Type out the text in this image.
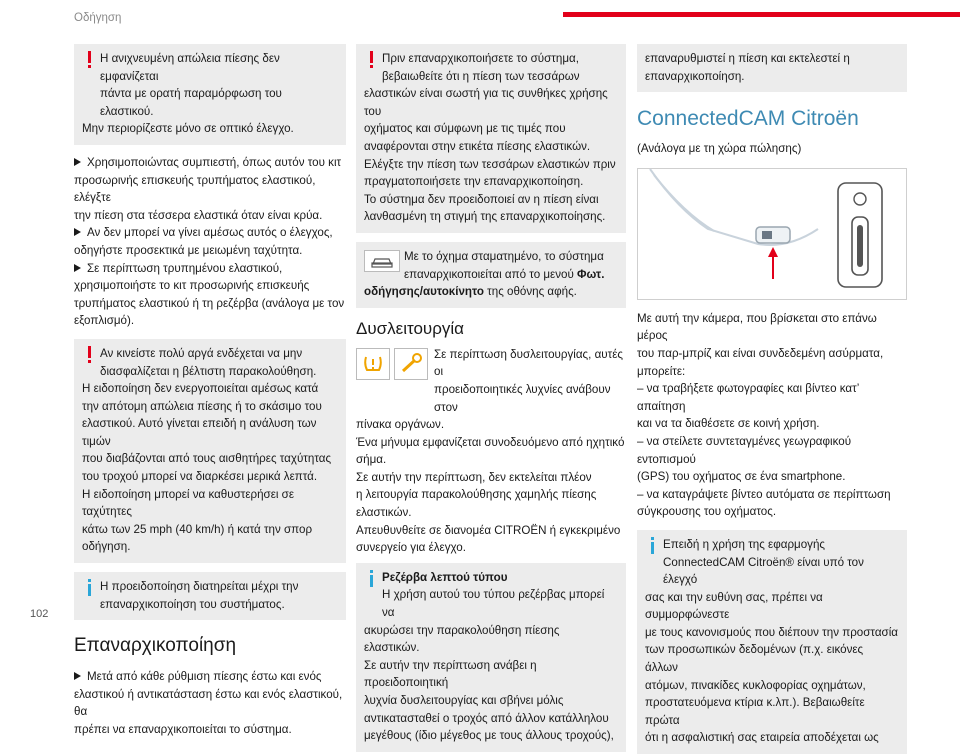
Οδήγηση
102

Η ανιχνευμένη απώλεια πίεσης δεν εμφανίζεται

πάντα με ορατή παραμόρφωση του ελαστικού.

Μην περιορίζεστε μόνο σε οπτικό έλεγχο.

Χρησιμοποιώντας συμπιεστή, όπως αυτόν του κιτ

προσωρινής επισκευής τρυπήματος ελαστικού, ελέγξτε

την πίεση στα τέσσερα ελαστικά όταν είναι κρύα.

Αν δεν μπορεί να γίνει αμέσως αυτός ο έλεγχος,

οδηγήστε προσεκτικά με μειωμένη ταχύτητα.

Σε περίπτωση τρυπημένου ελαστικού,

χρησιμοποιήστε το κιτ προσωρινής επισκευής

τρυπήματος ελαστικού ή τη ρεζέρβα (ανάλογα με τον

εξοπλισμό).

Αν κινείστε πολύ αργά ενδέχεται να μην

διασφαλίζεται η βέλτιστη παρακολούθηση.

Η ειδοποίηση δεν ενεργοποιείται αμέσως κατά

την απότομη απώλεια πίεσης ή το σκάσιμο του

ελαστικού. Αυτό γίνεται επειδή η ανάλυση των τιμών

που διαβάζονται από τους αισθητήρες ταχύτητας

του τροχού μπορεί να διαρκέσει μερικά λεπτά.

Η ειδοποίηση μπορεί να καθυστερήσει σε ταχύτητες

κάτω των 25 mph (40 km/h) ή κατά την σπορ

οδήγηση.

Η προειδοποίηση διατηρείται μέχρι την

επαναρχικοποίηση του συστήματος.

Επαναρχικοποίηση

Μετά από κάθε ρύθμιση πίεσης έστω και ενός

ελαστικού ή αντικατάσταση έστω και ενός ελαστικού, θα

πρέπει να επαναρχικοποιείται το σύστημα.

Πριν επαναρχικοποιήσετε το σύστημα,

βεβαιωθείτε ότι η πίεση των τεσσάρων

ελαστικών είναι σωστή για τις συνθήκες χρήσης του

οχήματος και σύμφωνη με τις τιμές που

αναφέρονται στην ετικέτα πίεσης ελαστικών.

Ελέγξτε την πίεση των τεσσάρων ελαστικών πριν

πραγματοποιήσετε την επαναρχικοποίηση.

Το σύστημα δεν προειδοποιεί αν η πίεση είναι

λανθασμένη τη στιγμή της επαναρχικοποίησης.

Με το όχημα σταματημένο, το σύστημα

επαναρχικοποιείται από το μενού Φωτ.

οδήγησης/αυτοκίνητο της οθόνης αφής.

Δυσλειτουργία

Σε περίπτωση δυσλειτουργίας, αυτές οι

προειδοποιητικές λυχνίες ανάβουν στον

πίνακα οργάνων.

Ένα μήνυμα εμφανίζεται συνοδευόμενο από ηχητικό

σήμα.

Σε αυτήν την περίπτωση, δεν εκτελείται πλέον

η λειτουργία παρακολούθησης χαμηλής πίεσης

ελαστικών.

Απευθυνθείτε σε διανομέα CITROËN ή εγκεκριμένο

συνεργείο για έλεγχο.

Ρεζέρβα λεπτού τύπου

Η χρήση αυτού του τύπου ρεζέρβας μπορεί να

ακυρώσει την παρακολούθηση πίεσης ελαστικών.

Σε αυτήν την περίπτωση ανάβει η προειδοποιητική

λυχνία δυσλειτουργίας και σβήνει μόλις

αντικατασταθεί ο τροχός από άλλον κατάλληλου

μεγέθους (ίδιο μέγεθος με τους άλλους τροχούς),

επαναρυθμιστεί η πίεση και εκτελεστεί η

επαναρχικοποίηση.

ConnectedCAM Citroën

(Ανάλογα με τη χώρα πώλησης)

Με αυτή την κάμερα, που βρίσκεται στο επάνω μέρος

του παρ-μπρίζ και είναι συνδεδεμένη ασύρματα,

μπορείτε:

– να τραβήξετε φωτογραφίες και βίντεο κατ’ απαίτηση

και να τα διαθέσετε σε κοινή χρήση.

– να στείλετε συντεταγμένες γεωγραφικού εντοπισμού

(GPS) του οχήματος σε ένα smartphone.

– να καταγράψετε βίντεο αυτόματα σε περίπτωση

σύγκρουσης του οχήματος.

Επειδή η χρήση της εφαρμογής

ConnectedCAM Citroën® είναι υπό τον έλεγχό

σας και την ευθύνη σας, πρέπει να συμμορφώνεστε

με τους κανονισμούς που διέπουν την προστασία

των προσωπικών δεδομένων (π.χ. εικόνες άλλων

ατόμων, πινακίδες κυκλοφορίας οχημάτων,

προστατευόμενα κτίρια κ.λπ.). Βεβαιωθείτε πρώτα

ότι η ασφαλιστική σας εταιρεία αποδέχεται ως
